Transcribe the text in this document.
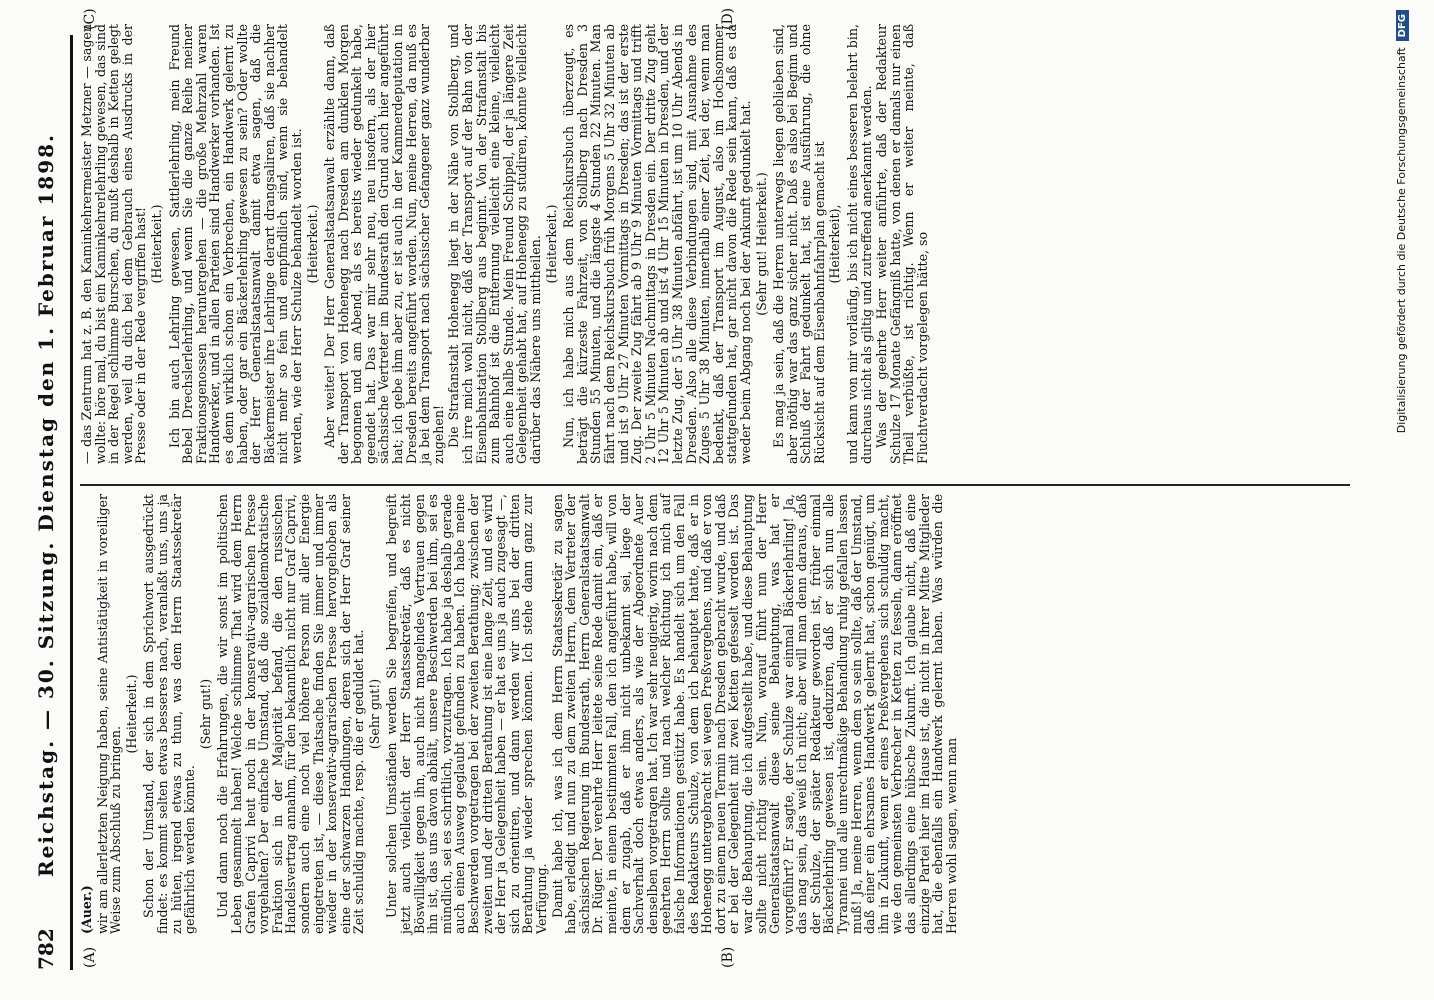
782
Reichstag. — 30. Sitzung. Dienstag den 1. Februar 1898.
(A)	(B)
(C)	(D)

(Auer.) wir am allerletzten Neigung haben, seine Antistätigkeit in voreiliger Weise zum Abschluß zu bringen.

(Heiterkeit.) Schon der Umstand, der sich in dem Sprichwort ausgedrückt findet: es kommt selten etwas besseres nach, veranlaßt uns, uns ja zu hüten, irgend etwas zu thun, was dem Herrn Staatssekretär gefährlich werden könnte.

(Sehr gut!) Und dann noch die Erfahrungen, die wir sonst im politischen Leben gesammelt haben! Welche schlimme That wird dem Herrn Grafen Caprivi heut noch in der konservativ-agrarischen Presse vorgehalten? Der einfache Umstand, daß die sozialdemokratische Fraktion sich in der Majorität befand, die den russischen Handelsvertrag annahm, für den bekanntlich nicht nur Graf Caprivi, sondern auch eine noch viel höhere Person mit aller Energie eingetreten ist, — diese Thatsache finden Sie immer und immer wieder in der konservativ-agrarischen Presse hervorgehoben als eine der schwarzen Handlungen, deren sich der Herr Graf seiner Zeit schuldig machte, resp. die er geduldet hat. (Sehr gut!) Unter solchen Umständen werden Sie begreifen, und begreift jetzt auch vielleicht der Herr Staatssekretär, daß es nicht Böswilligkeit gegen ihn, auch nicht mangelndes Vertrauen gegen ihn ist, das uns davon abhält, unsere Beschwerden bei ihm, sei es mündlich, sei es schriftlich, vorzutragen. Ich habe ja deshalb gerade auch einen Ausweg geglaubt gefunden zu haben. Ich habe meine Beschwerden vorgetragen bei der zweiten Berathung; zwischen der zweiten und der dritten Berathung ist eine lange Zeit, und es wird der Herr ja Gelegenheit haben — er hat es uns ja auch zugesagt —, sich zu orientiren, und dann werden wir uns bei der dritten Berathung ja wieder sprechen können. Ich stehe dann ganz zur Verfügung. Damit habe ich, was ich dem Herrn Staatssekretär zu sagen habe, erledigt und nun zu dem zweiten Herrn, dem Vertreter der sächsischen Regierung im Bundesrath, Herrn Generalstaatsanwalt Dr. Rüger. Der verehrte Herr leitete seine Rede damit ein, daß er meinte, in einem bestimmten Fall, den ich angeführt habe, will von dem er zugab, daß er ihm nicht unbekannt sei, liege der Sachverhalt doch etwas anders, als wie der Abgeordnete Auer denselben vorgetragen hat. Ich war sehr neugierig, worin nach dem geehrten Herrn sollte und nach welcher Richtung ich mich auf falsche Informationen gestützt habe. Es handelt sich um den Fall des Redakteurs Schulze, von dem ich behauptet hatte, daß er in Hohenegg untergebracht sei wegen Preßvergehens, und daß er von dort zu einem neuen Termin nach Dresden gebracht wurde, und daß er bei der Gelegenheit mit zwei Ketten gefesselt worden ist. Das war die Behauptung, die ich aufgestellt habe, und diese Behauptung sollte nicht richtig sein. Nun, worauf führt nun der Herr Generalstaatsanwalt diese seine Behauptung, was hat er vorgeführt? Er sagte, der Schulze war einmal Bäckerlehrling! Ja, das mag sein, das weiß ich nicht; aber will man denn daraus, daß der Schulze, der später Redakteur geworden ist, früher einmal Bäckerlehrling gewesen ist, deduziren, daß er sich nun alle Tyrannei und alle unrechtmäßige Behandlung ruhig gefallen lassen muß! Ja, meine Herren, wenn dem so sein sollte, daß der Umstand, daß einer ein ehrsames Handwerk gelernt hat, schon genügt, um ihn in Zukunft, wenn er eines Preßvergehens sich schuldig macht, wie den gemeinsten Verbrecher in Ketten zu fesseln, dann eröffnet das allerdings eine hübsche Zukunft. Ich glaube nicht, daß eine einzige Partei hier im Hause ist, die nicht in ihrer Mitte Mitglieder hat, die ebenfalls ein Handwerk gelernt haben. Was würden die Herren wohl sagen, wenn man

— das Zentrum hat z. B. den Kaminkehrermeister Metzner — sagen wollte: höre mal, du bist ein Kaminkehrerlehrling gewesen, das sind in der Regel schlimme Burschen, du mußt deshalb in Ketten gelegt werden, weil du dich bei dem Gebrauch eines Ausdrucks in der Presse oder in der Rede vergriffen hast! (Heiterkeit.) Ich bin auch Lehrling gewesen, Sattlerlehrling, mein Freund Bebel Drechslerlehrling, und wenn Sie die ganze Reihe meiner Fraktionsgenossen heruntergehen — die große Mehrzahl waren Handwerker, und in allen Parteien sind Handwerker vorhanden. Ist es denn wirklich schon ein Verbrechen, ein Handwerk gelernt zu haben, oder gar ein Bäckerlehrling gewesen zu sein? Oder wollte der Herr Generalstaatsanwalt damit etwa sagen, daß die Bäckermeister ihre Lehrlinge derart drangsaliren, daß sie nachher nicht mehr so fein und empfindlich sind, wenn sie behandelt werden, wie der Herr Schulze behandelt worden ist. (Heiterkeit.) Aber weiter! Der Herr Generalstaatsanwalt erzählte dann, daß der Transport von Hohenegg nach Dresden am dunklen Morgen begonnen und am Abend, als es bereits wieder gedunkelt habe, geendet hat. Das war mir sehr neu, neu insofern, als der hier sächsische Vertreter im Bundesrath den Grund auch hier angeführt hat; ich gebe ihm aber zu, er ist auch in der Kammerdeputation in Dresden bereits angeführt worden. Nun, meine Herren, da muß es ja bei dem Transport nach sächsischer Gefangener ganz wunderbar zugehen! Die Strafanstalt Hohenegg liegt in der Nähe von Stollberg, und ich irre mich wohl nicht, daß der Transport auf der Bahn von der Eisenbahnstation Stollberg aus beginnt. Von der Strafanstalt bis zum Bahnhof ist die Entfernung vielleicht eine kleine, vielleicht auch eine halbe Stunde. Mein Freund Schippel, der ja längere Zeit Gelegenheit gehabt hat, auf Hohenegg zu studiren, könnte vielleicht darüber das Nähere uns mittheilen. (Heiterkeit.) Nun, ich habe mich aus dem Reichskursbuch überzeugt, es beträgt die kürzeste Fahrzeit, von Stollberg nach Dresden 3 Stunden 55 Minuten, und die längste 4 Stunden 22 Minuten. Man fährt nach dem Reichskursbuch früh Morgens 5 Uhr 32 Minuten ab und ist 9 Uhr 27 Minuten Vormittags in Dresden; das ist der erste Zug. Der zweite Zug fährt ab 9 Uhr 9 Minuten Vormittags und trifft 2 Uhr 5 Minuten Nachmittags in Dresden ein. Der dritte Zug geht 12 Uhr 5 Minuten ab und ist 4 Uhr 15 Minuten in Dresden, und der letzte Zug, der 5 Uhr 38 Minuten abfährt, ist um 10 Uhr Abends in Dresden. Also alle diese Verbindungen sind, mit Ausnahme des Zuges 5 Uhr 38 Minuten, innerhalb einer Zeit, bei der, wenn man bedenkt, daß der Transport im August, also im Hochsommer stattgefunden hat, gar nicht davon die Rede sein kann, daß es da weder beim Abgang noch bei der Ankunft gedunkelt hat. (Sehr gut! Heiterkeit.) Es mag ja sein, daß die Herren unterwegs liegen geblieben sind, aber nöthig war das ganz sicher nicht. Daß es also bei Beginn und Schluß der Fahrt gedunkelt hat, ist eine Ausführung, die ohne Rücksicht auf dem Eisenbahnfahrplan gemacht ist (Heiterkeit), und kann von mir vorläufig, bis ich nicht eines besseren belehrt bin, durchaus nicht als giltig und zutreffend anerkannt werden. Was der geehrte Herr weiter anführte, daß der Redakteur Schulze 17 Monate Gefängniß hatte, von denen er damals nur einen Theil verbüßte, ist richtig. Wenn er weiter meinte, daß Fluchtverdacht vorgelegen hätte, so	Digitalisierung gefördert durch die Deutsche ForschungsgemeinschaftDFG
